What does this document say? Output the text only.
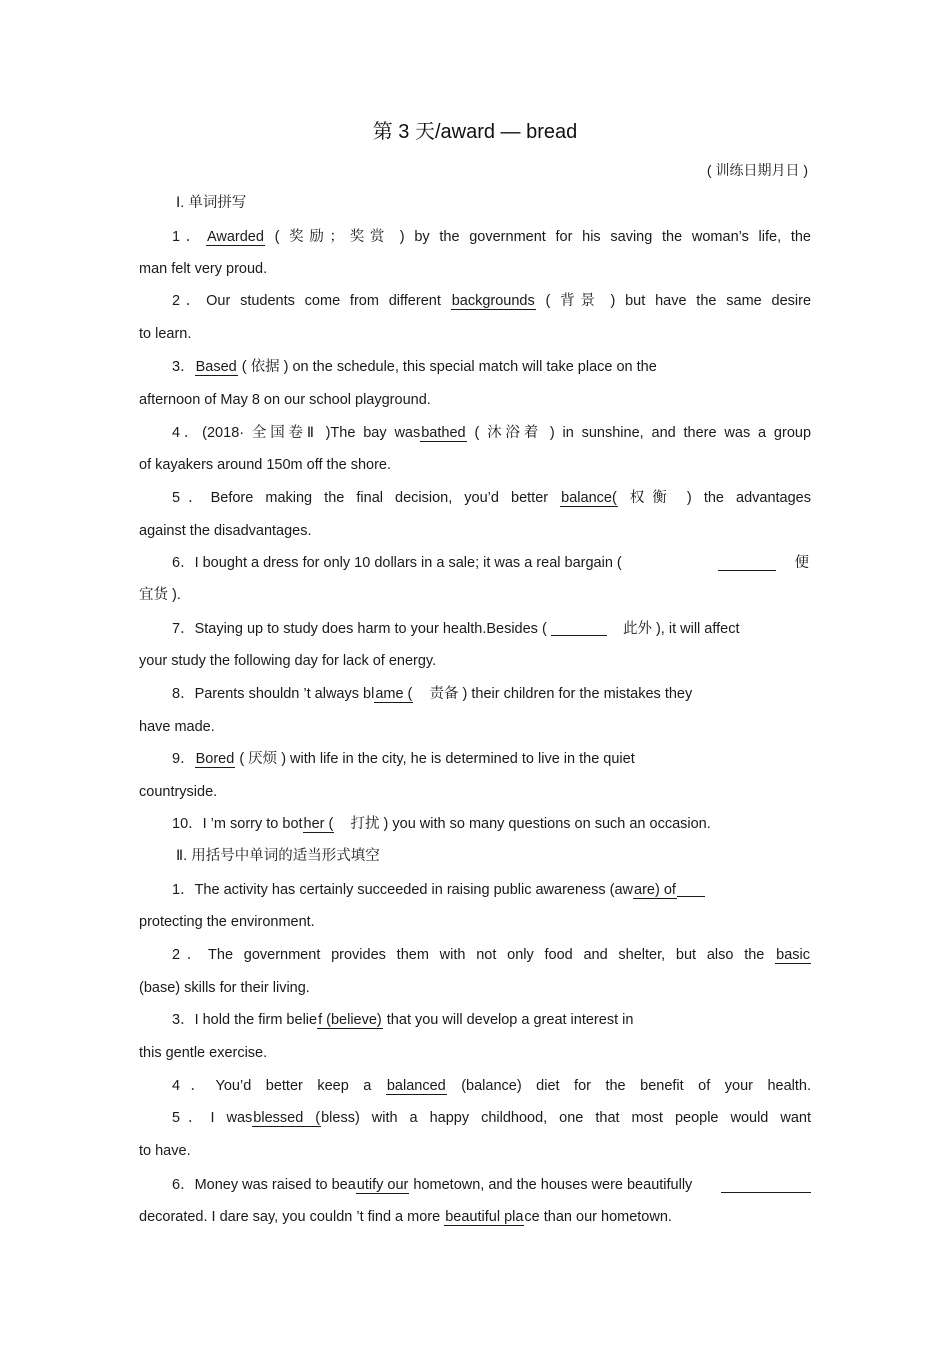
第 3 天/award — bread
( 训练日期月日 )
Ⅰ. 单词拼写
1．Awarded ( 奖励；奖赏 ) by the government for his saving the woman’s life, the
man felt very proud.
2．Our students come from different backgrounds ( 背景 ) but have the same desire
to learn.
3．Based ( 依据 ) on the schedule, this special match will take place on the
afternoon of May 8 on our school playground.
4．(2018· 全国卷Ⅱ )The bay wasbathed ( 沐浴着 ) in sunshine, and there was a group
of kayakers around 150m off the shore.
5．Before making the final decision, you’d better balance( 权衡 ) the advantages
against the disadvantages.
6．I bought a dress for only 10 dollars in a sale; it was a real bargain (	便
宜货 ).
7．Staying up to study does harm to your health.Besides (	此外 ), it will affect
your study the following day for lack of energy.
8．Parents shouldn ’t always blame ( 责备 ) their children for the mistakes they
have made.
9．Bored ( 厌烦 ) with life in the city, he is determined to live in the quiet
countryside.
10．I ’m sorry to bother ( 打扰 ) you with so many questions on such an occasion.
Ⅱ. 用括号中单词的适当形式填空
1．The activity has certainly succeeded in raising public awareness (aware) of
protecting the environment.
2．The government provides them with not only food and shelter, but also the basic
(base) skills for their living.
3．I hold the firm belief (believe) that you will develop a great interest in
this gentle exercise.
4．You’d better keep a balanced (balance) diet for the benefit of your health.
5．I wasblessed (bless) with a happy childhood, one that most people would want
to have.
6．Money was raised to beautify our hometown, and the houses were beautifully
decorated. I dare say, you couldn ’t find a more beautiful place than our hometown.
